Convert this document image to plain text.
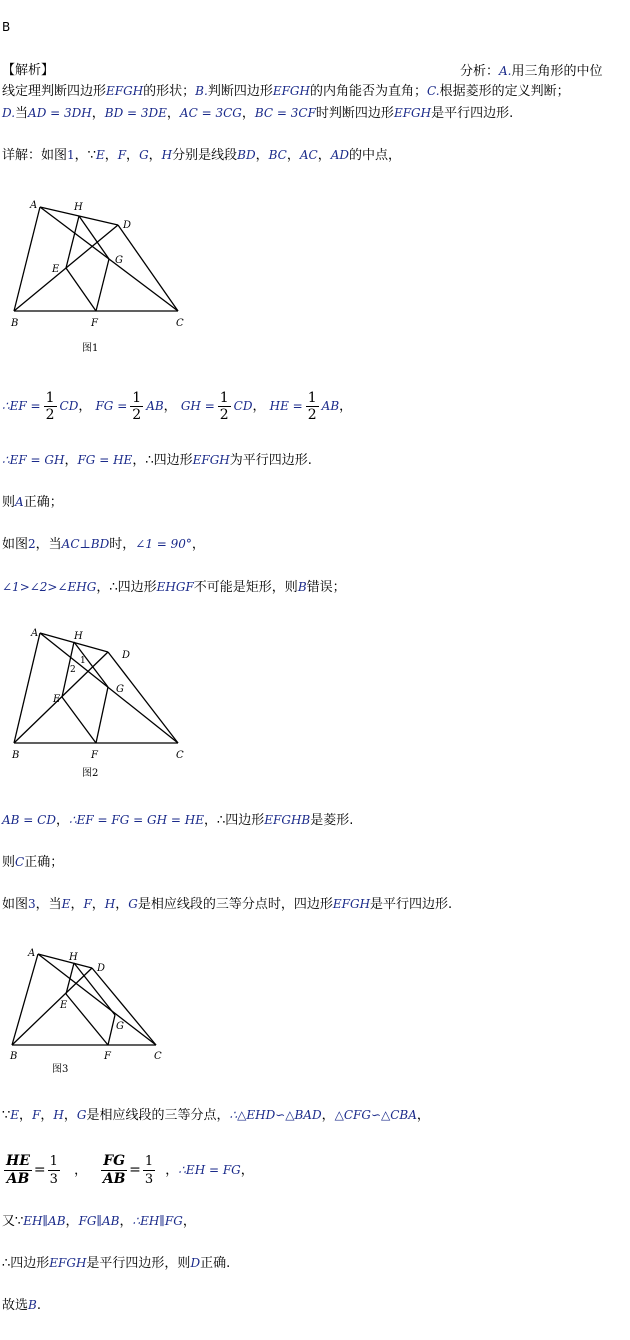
B
【解析】	分析：A.用三角形的中位
线定理判断四边形EFGH的形状；B.判断四边形EFGH的内角能否为直角；C.根据菱形的定义判断；
D.当AD = 3DH，BD = 3DE，AC = 3CG，BC = 3CF时判断四边形EFGH是平行四边形.
详解：如图1，∵E，F，G，H分别是线段BD，BC，AC，AD的中点，
A	H
D
E
G
B	F	C
图1
∴EF = $\frac{1}{2}$ CD， FG = $\frac{1}{2}$ AB， GH = $\frac{1}{2}$ CD， HE = $\frac{1}{2}$ AB，
∴EF = GH，FG = HE，∴四边形EFGH为平行四边形.
则A正确；
如图2，当AC⊥BD时，∠1 = 90°，
∠1>∠2>∠EHG，∴四边形EHGF不可能是矩形，则B错误；
A	H
D
1
2
E
G
B	F	C
图2
AB = CD，∴EF = FG = GH = HE，∴四边形EFGHB是菱形.
则C正确；
如图3，当E，F，H，G是相应线段的三等分点时，四边形EFGH是平行四边形.
A	H
D
E
G
B	F	C
图3
∵E，F，H，G是相应线段的三等分点，∴△EHD∽△BAD，△CFG∽△CBA，
$\frac{HE}{AB} = \frac{1}{3}$ ， $\frac{FG}{AB} = \frac{1}{3}$ ，∴EH = FG，
又∵EH∥AB，FG∥AB，∴EH∥FG，
∴四边形EFGH是平行四边形，则D正确.
故选B.
